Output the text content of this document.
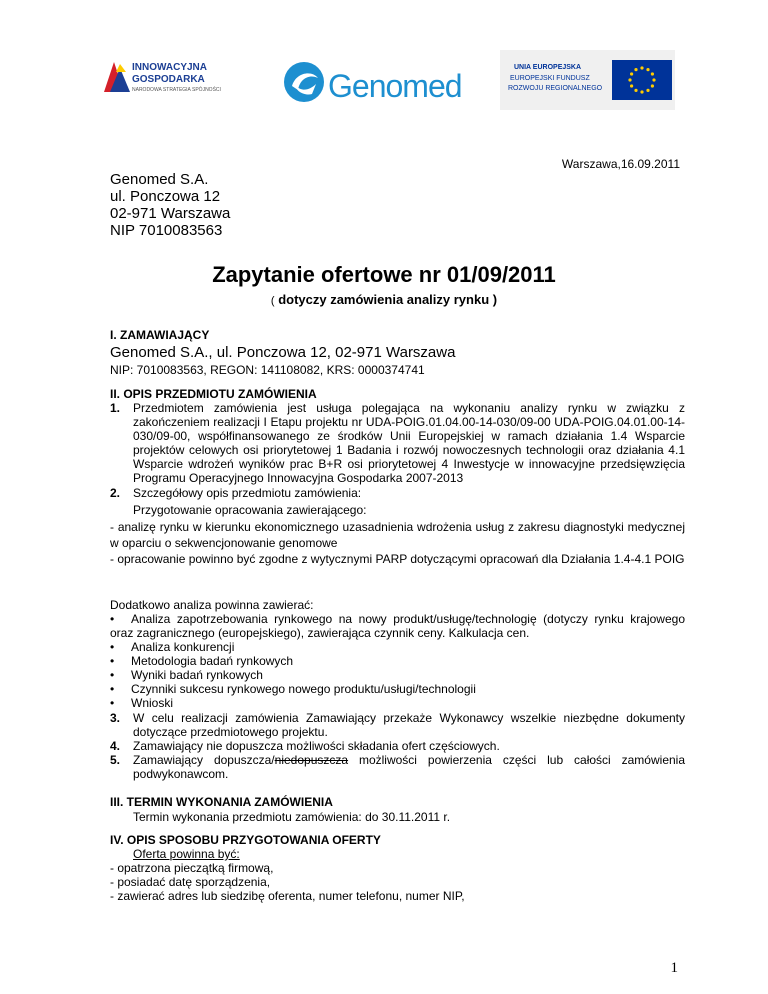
INNOWACYJNA
GOSPODARKA
NARODOWA STRATEGIA SPÓJNOŚCI	Genomed
UNIA EUROPEJSKA
EUROPEJSKI FUNDUSZ
ROZWOJU REGIONALNEGO
Warszawa,16.09.2011
Genomed S.A.
ul. Ponczowa 12
02-971 Warszawa
NIP 7010083563
Zapytanie ofertowe nr 01/09/2011
( dotyczy zamówienia analizy rynku )
I. ZAMAWIAJĄCY
Genomed S.A., ul. Ponczowa 12, 02-971 Warszawa
NIP: 7010083563, REGON: 141108082, KRS: 0000374741
II. OPIS PRZEDMIOTU ZAMÓWIENIA
1. Przedmiotem zamówienia jest usługa polegająca na wykonaniu analizy rynku w związku z zakończeniem realizacji I Etapu projektu nr UDA-POIG.01.04.00-14-030/09-00 UDA-POIG.04.01.00-14-030/09-00, współfinansowanego ze środków Unii Europejskiej w ramach działania 1.4 Wsparcie projektów celowych osi priorytetowej 1 Badania i rozwój nowoczesnych technologii oraz działania 4.1 Wsparcie wdrożeń wyników prac B+R osi priorytetowej 4 Inwestycje w innowacyjne przedsięwzięcia Programu Operacyjnego Innowacyjna Gospodarka 2007-2013
2. Szczegółowy opis przedmiotu zamówienia:
Przygotowanie opracowania zawierającego:
- analizę rynku w kierunku ekonomicznego uzasadnienia wdrożenia usług z zakresu diagnostyki medycznej w oparciu o sekwencjonowanie genomowe
- opracowanie powinno być zgodne z wytycznymi PARP dotyczącymi opracowań dla Działania 1.4-4.1 POIG
Dodatkowo analiza powinna zawierać:
•	Analiza zapotrzebowania rynkowego na nowy produkt/usługę/technologię (dotyczy rynku krajowego oraz zagranicznego (europejskiego), zawierająca czynnik ceny. Kalkulacja cen.
• Analiza konkurencji
• Metodologia badań rynkowych
• Wyniki badań rynkowych
• Czynniki sukcesu rynkowego nowego produktu/usługi/technologii
• Wnioski
3. W celu realizacji zamówienia Zamawiający przekaże Wykonawcy wszelkie niezbędne dokumenty dotyczące przedmiotowego projektu.
4. Zamawiający nie dopuszcza możliwości składania ofert częściowych.
5. Zamawiający dopuszcza/niedopuszcza możliwości powierzenia części lub całości zamówienia podwykonawcom.
III. TERMIN WYKONANIA ZAMÓWIENIA
Termin wykonania przedmiotu zamówienia: do 30.11.2011 r.
IV. OPIS SPOSOBU PRZYGOTOWANIA OFERTY
Oferta powinna być:
- opatrzona pieczątką firmową,
- posiadać datę sporządzenia,
- zawierać adres lub siedzibę oferenta, numer telefonu, numer NIP,
1
